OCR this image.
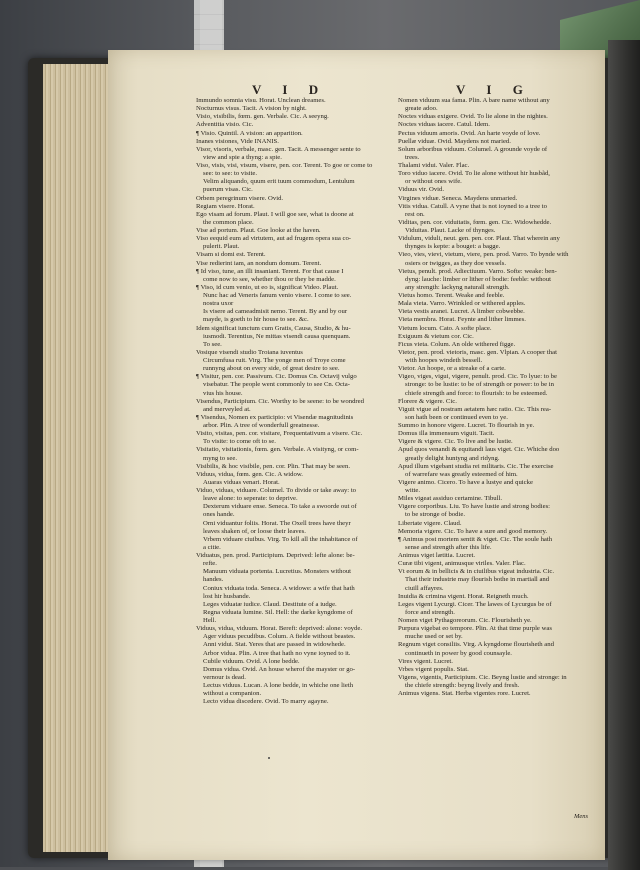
V I D	V I G
Immundo somnia visu. Horat. Unclean dreames.
Nocturnus visus. Tacit. A vision by night.
Visio, visibilis, fœm. gen. Verbale. Cic. A seeyng.
Adventitia visio. Cic.
¶ Visio. Quintil. A vision: an apparition.
Inanes visiones, Vide INANIS.
Visor, visoris, verbale, masc. gen. Tacit. A messenger sente to
view and spie a thyng: a spie.
Viso, visis, visi, visum, visere, pen. cor. Terent. To goe or come to
see: to see: to visite.
Velim aliquando, quum erit tuum commodum, Lentulum
puerum visas. Cic.
Orbem peregrinum visere. Ovid.
Regiam visere. Horat.
Ego visam ad forum. Plaut. I will goe see, what is doone at
the common place.
Vise ad portum. Plaut. Goe looke at the haven.
Viso eequid eum ad virtutem, aut ad frugem opera sua co-
pulerit. Plaut.
Visam si domi est. Terent.
Vise redierint iam, an nondum domum. Terent.
¶ Id viso, tune, an illi insaniant. Terent. For that cause I
come now to see, whether thou or they be madde.
¶ Viso, id cum venio, ut eo is, significat Video. Plaut.
Nunc hac ad Veneris fanum venio visere. I come to see.
nostra uxor
Is visere ad cameadmisit nemo. Terent. By and by our
mayde, is goeth to hir house to see. &c.
Idem significat iunctum cum Gratis, Causa, Studio, & hu-
iusmodi. Terentius, Ne mittas visendi causa quenquam.
To see.
Vosique visendi studio Troiana iuventus
Circumfusa ruit. Virg. The yonge men of Troye come
runnyng about on every side, of great desire to see.
¶ Visitur, pen. cor. Passivum. Cic. Domus Cn. Octavij vulgo
visebatur. The people went commonly to see Cn. Octa-
vius his house.
Visendus, Participium. Cic. Worthy to be seene: to be wondred
and merveyled at.
¶ Visendus, Nomen ex participio: vt Visendæ magnitudinis
arbor. Plin. A tree of wonderfull greatnesse.
Visito, visitas, pen. cor. visitare, Frequentativum a visere. Cic.
To visite: to come oft to se.
Visitatio, visitationis, fœm. gen. Verbale. A visityng, or com-
myng to see.
Visibilis, & hoc visibile, pen. cor. Plin. That may be seen.
Viduus, vidua, fœm. gen. Cic. A widow.
Auaras viduas venari. Horat.
Viduo, viduas, viduare. Columel. To divide or take away: to
leave alone: to seperate: to deprive.
Dexterum viduare ense. Seneca. To take a swoorde out of
ones hande.
Orni viduantur foliis. Horat. The Oxell trees have theyr
leaves shaken of, or loose their leaves.
Vrbem viduare ciuibus. Virg. To kill all the inhabitance of
a citie.
Viduatus, pen. prod. Participium. Deprived: lefte alone: be-
refte.
Manuum viduata portenta. Lucretius. Monsters without
handes.
Coniux viduata toda. Seneca. A widowe: a wife that hath
lost hir husbande.
Leges viduatæ iudice. Claud. Destitute of a iudge.
Regna viduata lumine. Sil. Hell: the darke kyngdome of
Hell.
Viduus, vidua, viduum. Horat. Bereft: deprived: alone: voyde.
Ager viduus pecudibus. Colum. A fielde without beastes.
Anni vidui. Stat. Yeres that are passed in widowhede.
Arbor vidua. Plin. A tree that hath no vyne ioyned to it.
Cubile viduum. Ovid. A lone bedde.
Domus vidua. Ovid. An house wherof the mayster or go-
vernour is dead.
Lectus viduus. Lucan. A lone bedde, in whiche one lieth
without a companion.
Lecto vidua discedere. Ovid. To marry agayne.
Nomen viduum sua fama. Plin. A bare name without any
greate adoo.
Noctes viduas exigere. Ovid. To lie alone in the nightes.
Noctes viduas iacere. Catul. Idem.
Pectus viduum amoris. Ovid. An harte voyde of love.
Puellæ viduæ. Ovid. Maydens not maried.
Solum arboribus viduum. Columel. A grounde voyde of
trees.
Thalami vidui. Valer. Flac.
Toro viduo iacere. Ovid. To lie alone without hir husbãd,
or without ones wife.
Viduus vir. Ovid.
Virgines viduæ. Seneca. Maydens unmaried.
Vitis vidua. Catull. A vyne that is not ioyned to a tree to
rest on.
Viditas, pen. cor. viduitatis, fœm. gen. Cic. Widowhedde.
Viduitas. Plaut. Lacke of thynges.
Vidulum, viduli, neut. gen. pen. cor. Plaut. That wherein any
thynges is kepte: a bouget: a bagge.
Vieo, vies, vievi, vietum, viere, pen. prod. Varro. To bynde with
osiers or twigges, as they doe vessels.
Vietus, penult. prod. Adiectiuum. Varro. Softe: weake: ben-
dyng: lauche: limber or lither of bodie: feeble: without
any strength: lackyng naturall strength.
Vietus homo. Terent. Weake and feeble.
Mala vieta. Varro. Wrinkled or withered apples.
Vieta vestis aranei. Lucret. A limber cobwebbe.
Vieta membra. Horat. Feynte and lither limmes.
Vietum locum. Cato. A softe place.
Exiguum & vietum cor. Cic.
Ficus vieta. Colum. An olde withered figge.
Vietor, pen. prod. vietoris, masc. gen. Vlpian. A cooper that
with hoopes windeth bessell.
Vietor. An hoope, or a streake of a carte.
Vigeo, viges, vigui, vigere, penult. prod. Cic. To lyue: to be
stronge: to be lustie: to be of strength or power: to be in
chiefe strength and force: to flourish: to be esteemed.
Florere & vigere. Cic.
Viguit vigue ad nostram aetatem hæc ratio. Cic. This rea-
son hath been or continued even to ye.
Summo in honore vigere. Lucret. To flourish in ye.
Domus illa immensum viguit. Tacit.
Vigere & vigere. Cic. To live and be lustie.
Apud quos venandi & equitandi laus viget. Cic. Whiche doo
greatly delight huntyng and ridyng.
Apud illum vigebant studia rei militaris. Cic. The exercise
of warrefare was greatly esteemed of him.
Vigere animo. Cicero. To have a lustye and quicke
witte.
Miles vigeat assiduo certamine. Tibull.
Vigere corporibus. Liu. To have lustie and strong bodies:
to be stronge of bodie.
Libertate vigere. Claud.
Memoria vigere. Cic. To have a sure and good memory.
¶ Animus post mortem sentit & viget. Cic. The soule hath
sense and strength after this life.
Animus viget lætitia. Lucret.
Curæ tibi vigent, animusque viriles. Valer. Flac.
Vt eorum & in bellicis & in ciuilibus vigeat industria. Cic.
That their industrie may flourish bothe in martiall and
ciuill affayres.
Inuidia & crimina vigent. Horat. Reigneth much.
Leges vigent Lycurgi. Cicer. The lawes of Lycurgus be of
force and strength.
Nomen viget Pythagoreorum. Cic. Flourisheth ye.
Purpura vigebat eo tempore. Plin. At that time purple was
muche used or set by.
Regnum viget consiliis. Virg. A kyngdome flourisheth and
continueth in power by good counsayle.
Vires vigent. Lucret.
Vrbes vigent populis. Stat.
Vigens, vigentis, Participium. Cic. Beyng lustie and stronge: in
the chiefe strength: beyng lively and fresh.
Animus vigens. Stat. Herba vigentes rore. Lucret.
Mens
